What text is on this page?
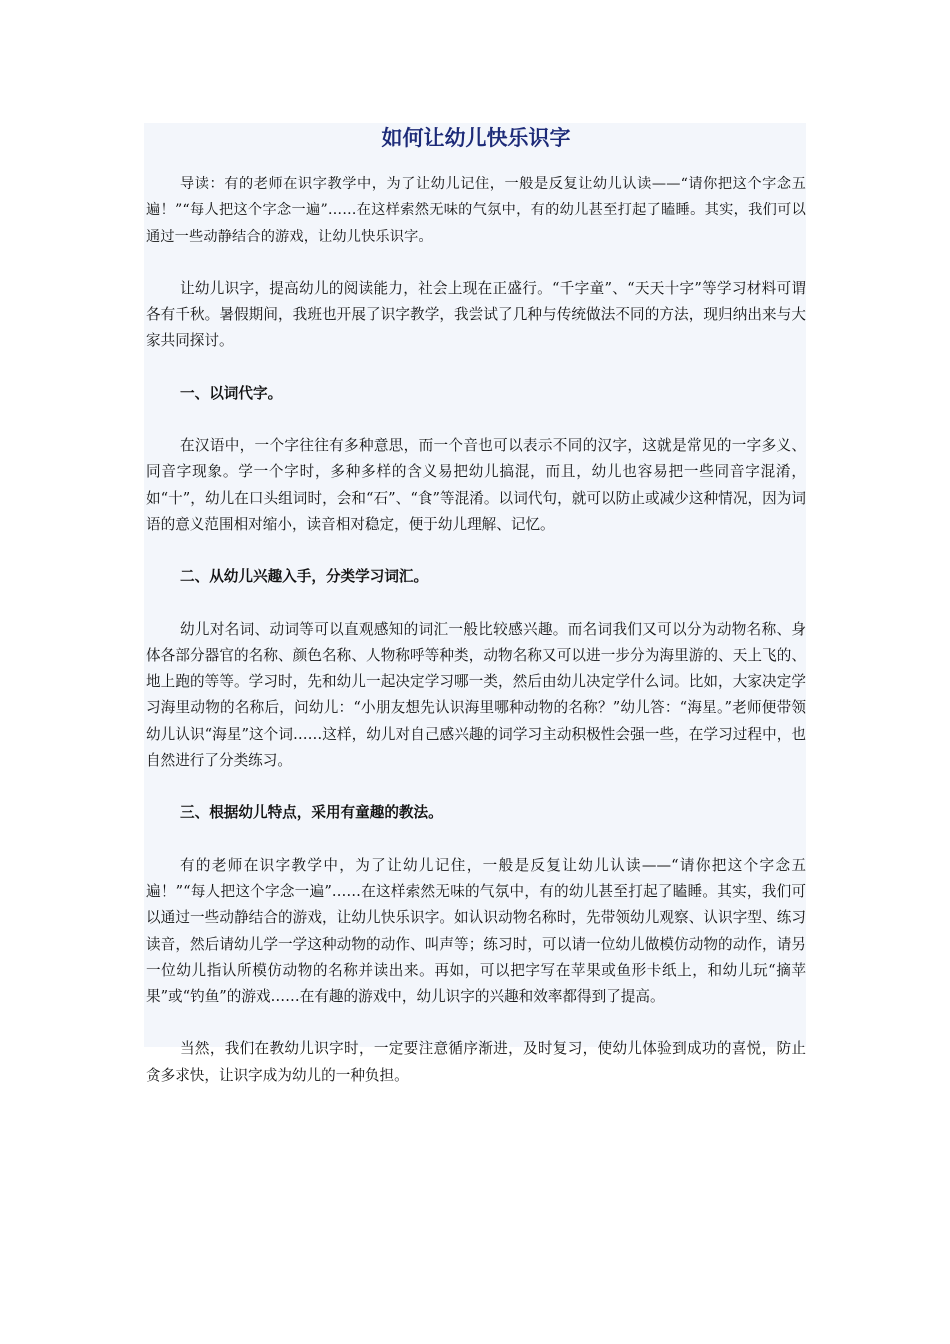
如何让幼儿快乐识字

导读：有的老师在识字教学中，为了让幼儿记住，一般是反复让幼儿认读——“请你把这个字念五遍！”“每人把这个字念一遍”……在这样索然无味的气氛中，有的幼儿甚至打起了瞌睡。其实，我们可以通过一些动静结合的游戏，让幼儿快乐识字。

让幼儿识字，提高幼儿的阅读能力，社会上现在正盛行。“千字童”、“天天十字”等学习材料可谓各有千秋。暑假期间，我班也开展了识字教学，我尝试了几种与传统做法不同的方法，现归纳出来与大家共同探讨。

一、以词代字。

在汉语中，一个字往往有多种意思，而一个音也可以表示不同的汉字，这就是常见的一字多义、同音字现象。学一个字时，多种多样的含义易把幼儿搞混，而且，幼儿也容易把一些同音字混淆，如“十”，幼儿在口头组词时，会和“石”、“食”等混淆。以词代句，就可以防止或减少这种情况，因为词语的意义范围相对缩小，读音相对稳定，便于幼儿理解、记忆。

二、从幼儿兴趣入手，分类学习词汇。

幼儿对名词、动词等可以直观感知的词汇一般比较感兴趣。而名词我们又可以分为动物名称、身体各部分器官的名称、颜色名称、人物称呼等种类，动物名称又可以进一步分为海里游的、天上飞的、地上跑的等等。学习时，先和幼儿一起决定学习哪一类，然后由幼儿决定学什么词。比如，大家决定学习海里动物的名称后，问幼儿：“小朋友想先认识海里哪种动物的名称？”幼儿答：“海星。”老师便带领幼儿认识“海星”这个词……这样，幼儿对自己感兴趣的词学习主动积极性会强一些，在学习过程中，也自然进行了分类练习。

三、根据幼儿特点，采用有童趣的教法。

有的老师在识字教学中，为了让幼儿记住，一般是反复让幼儿认读——“请你把这个字念五遍！”“每人把这个字念一遍”……在这样索然无味的气氛中，有的幼儿甚至打起了瞌睡。其实，我们可以通过一些动静结合的游戏，让幼儿快乐识字。如认识动物名称时，先带领幼儿观察、认识字型、练习读音，然后请幼儿学一学这种动物的动作、叫声等；练习时，可以请一位幼儿做模仿动物的动作，请另一位幼儿指认所模仿动物的名称并读出来。再如，可以把字写在苹果或鱼形卡纸上，和幼儿玩“摘苹果”或“钓鱼”的游戏……在有趣的游戏中，幼儿识字的兴趣和效率都得到了提高。

当然，我们在教幼儿识字时，一定要注意循序渐进，及时复习，使幼儿体验到成功的喜悦，防止贪多求快，让识字成为幼儿的一种负担。
